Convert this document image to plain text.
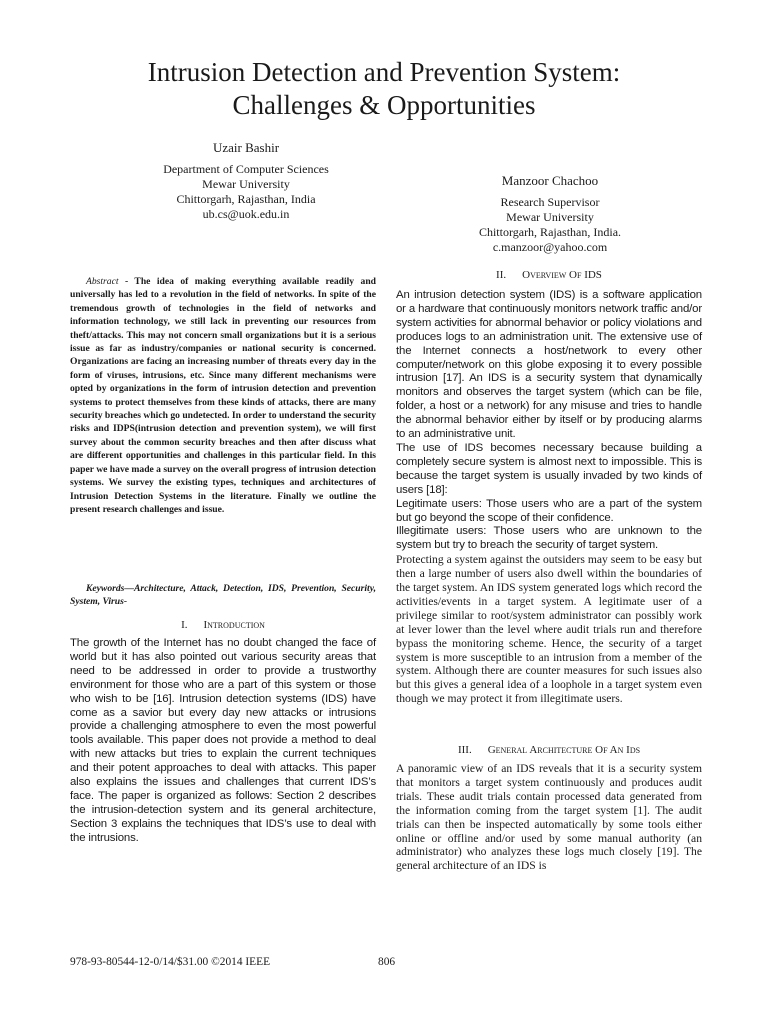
Intrusion Detection and Prevention System:
Challenges & Opportunities
Uzair Bashir
Department of Computer Sciences
Mewar University
Chittorgarh, Rajasthan, India
ub.cs@uok.edu.in
Manzoor Chachoo
Research Supervisor
Mewar University
Chittorgarh, Rajasthan, India.
c.manzoor@yahoo.com

Abstract - The idea of making everything available readily and universally has led to a revolution in the field of networks. In spite of the tremendous growth of technologies in the field of networks and information technology, we still lack in preventing our resources from theft/attacks. This may not concern small organizations but it is a serious issue as far as industry/companies or national security is concerned. Organizations are facing an increasing number of threats every day in the form of viruses, intrusions, etc. Since many different mechanisms were opted by organizations in the form of intrusion detection and prevention systems to protect themselves from these kinds of attacks, there are many security breaches which go undetected. In order to understand the security risks and IDPS(intrusion detection and prevention system), we will first survey about the common security breaches and then after discuss what are different opportunities and challenges in this particular field. In this paper we have made a survey on the overall progress of intrusion detection systems. We survey the existing types, techniques and architectures of Intrusion Detection Systems in the literature. Finally we outline the present research challenges and issue.

Keywords—Architecture, Attack, Detection, IDS, Prevention, Security, System, Virus-

I. Introduction

The growth of the Internet has no doubt changed the face of world but it has also pointed out various security areas that need to be addressed in order to provide a trustworthy environment for those who are a part of this system or those who wish to be [16]. Intrusion detection systems (IDS) have come as a savior but every day new attacks or intrusions provide a challenging atmosphere to even the most powerful tools available. This paper does not provide a method to deal with new attacks but tries to explain the current techniques and their potent approaches to deal with attacks. This paper also explains the issues and challenges that current IDS’s face. The paper is organized as follows: Section 2 describes the intrusion-detection system and its general architecture, Section 3 explains the techniques that IDS’s use to deal with the intrusions.

II. Overview Of IDS
An intrusion detection system (IDS) is a software application or a hardware that continuously monitors network traffic and/or system activities for abnormal behavior or policy violations and produces logs to an administration unit. The extensive use of the Internet connects a host/network to every other computer/network on this globe exposing it to every possible intrusion [17]. An IDS is a security system that dynamically monitors and observes the target system (which can be file, folder, a host or a network) for any misuse and tries to handle the abnormal behavior either by itself or by producing alarms to an administrative unit.
The use of IDS becomes necessary because building a completely secure system is almost next to impossible. This is because the target system is usually invaded by two kinds of users [18]:
Legitimate users: Those users who are a part of the system but go beyond the scope of their confidence.
Illegitimate users: Those users who are unknown to the system but try to breach the security of target system.
Protecting a system against the outsiders may seem to be easy but then a large number of users also dwell within the boundaries of the target system. An IDS system generated logs which record the activities/events in a target system. A legitimate user of a privilege similar to root/system administrator can possibly work at lever lower than the level where audit trials run and therefore bypass the monitoring scheme. Hence, the security of a target system is more susceptible to an intrusion from a member of the system. Although there are counter measures for such issues also but this gives a general idea of a loophole in a target system even though we may protect it from illegitimate users.
III. General Architecture Of An Ids

A panoramic view of an IDS reveals that it is a security system that monitors a target system continuously and produces audit trials. These audit trials contain processed data generated from the information coming from the target system [1]. The audit trials can then be inspected automatically by some tools either online or offline and/or used by some manual authority (an administrator) who analyzes these logs much closely [19]. The general architecture of an IDS is

978-93-80544-12-0/14/$31.00 ©2014 IEEE	806
